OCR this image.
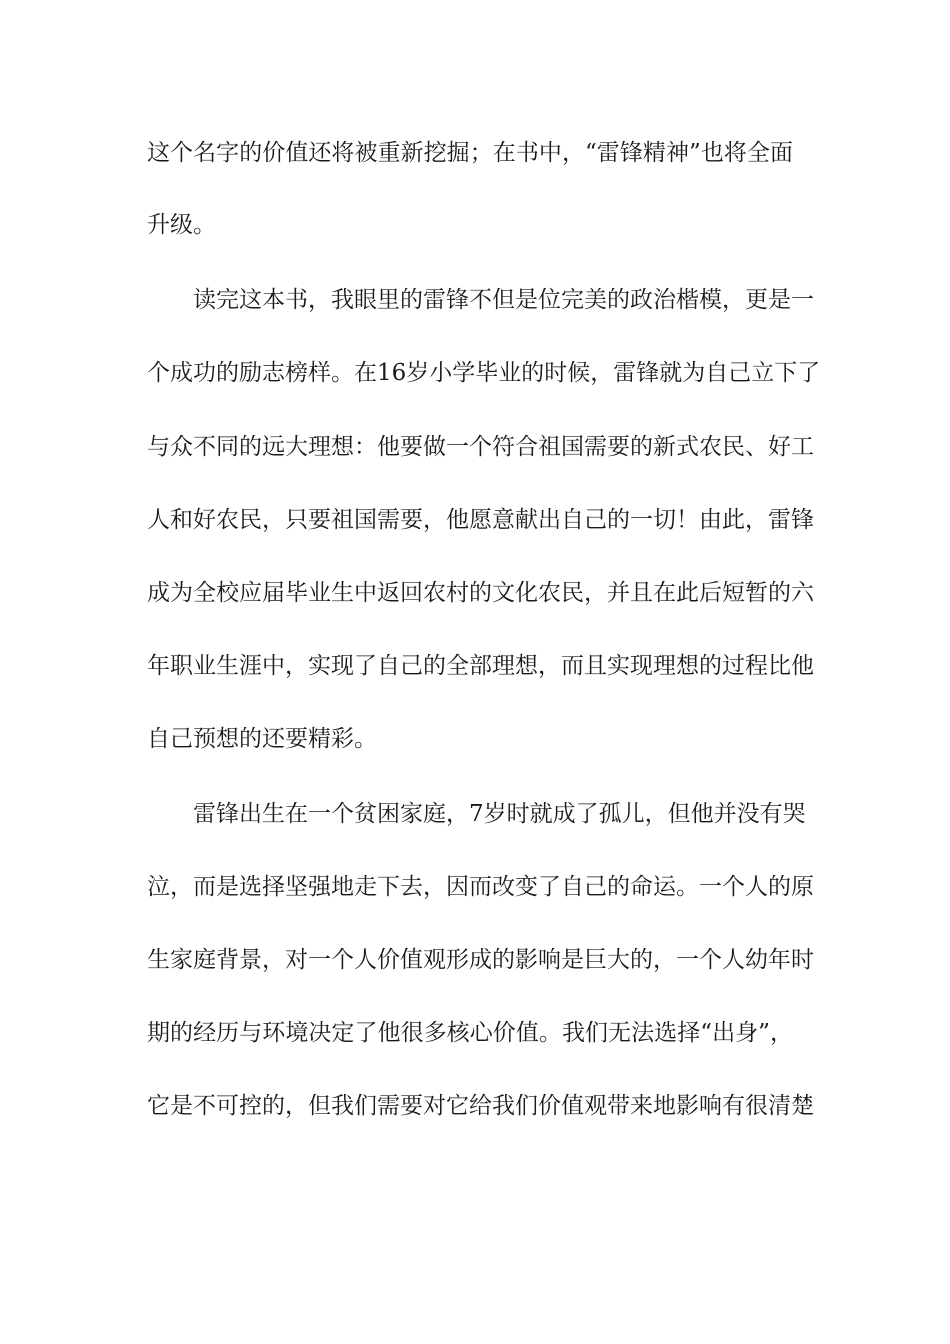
这个名字的价值还将被重新挖掘；在书中，“雷锋精神”也将全面
升级。
读完这本书，我眼里的雷锋不但是位完美的政治楷模，更是一
个成功的励志榜样。在16岁小学毕业的时候，雷锋就为自己立下了
与众不同的远大理想：他要做一个符合祖国需要的新式农民、好工
人和好农民，只要祖国需要，他愿意献出自己的一切！由此，雷锋
成为全校应届毕业生中返回农村的文化农民，并且在此后短暂的六
年职业生涯中，实现了自己的全部理想，而且实现理想的过程比他
自己预想的还要精彩。
雷锋出生在一个贫困家庭，7岁时就成了孤儿，但他并没有哭
泣，而是选择坚强地走下去，因而改变了自己的命运。一个人的原
生家庭背景，对一个人价值观形成的影响是巨大的，一个人幼年时
期的经历与环境决定了他很多核心价值。我们无法选择“出身”，
它是不可控的，但我们需要对它给我们价值观带来地影响有很清楚
